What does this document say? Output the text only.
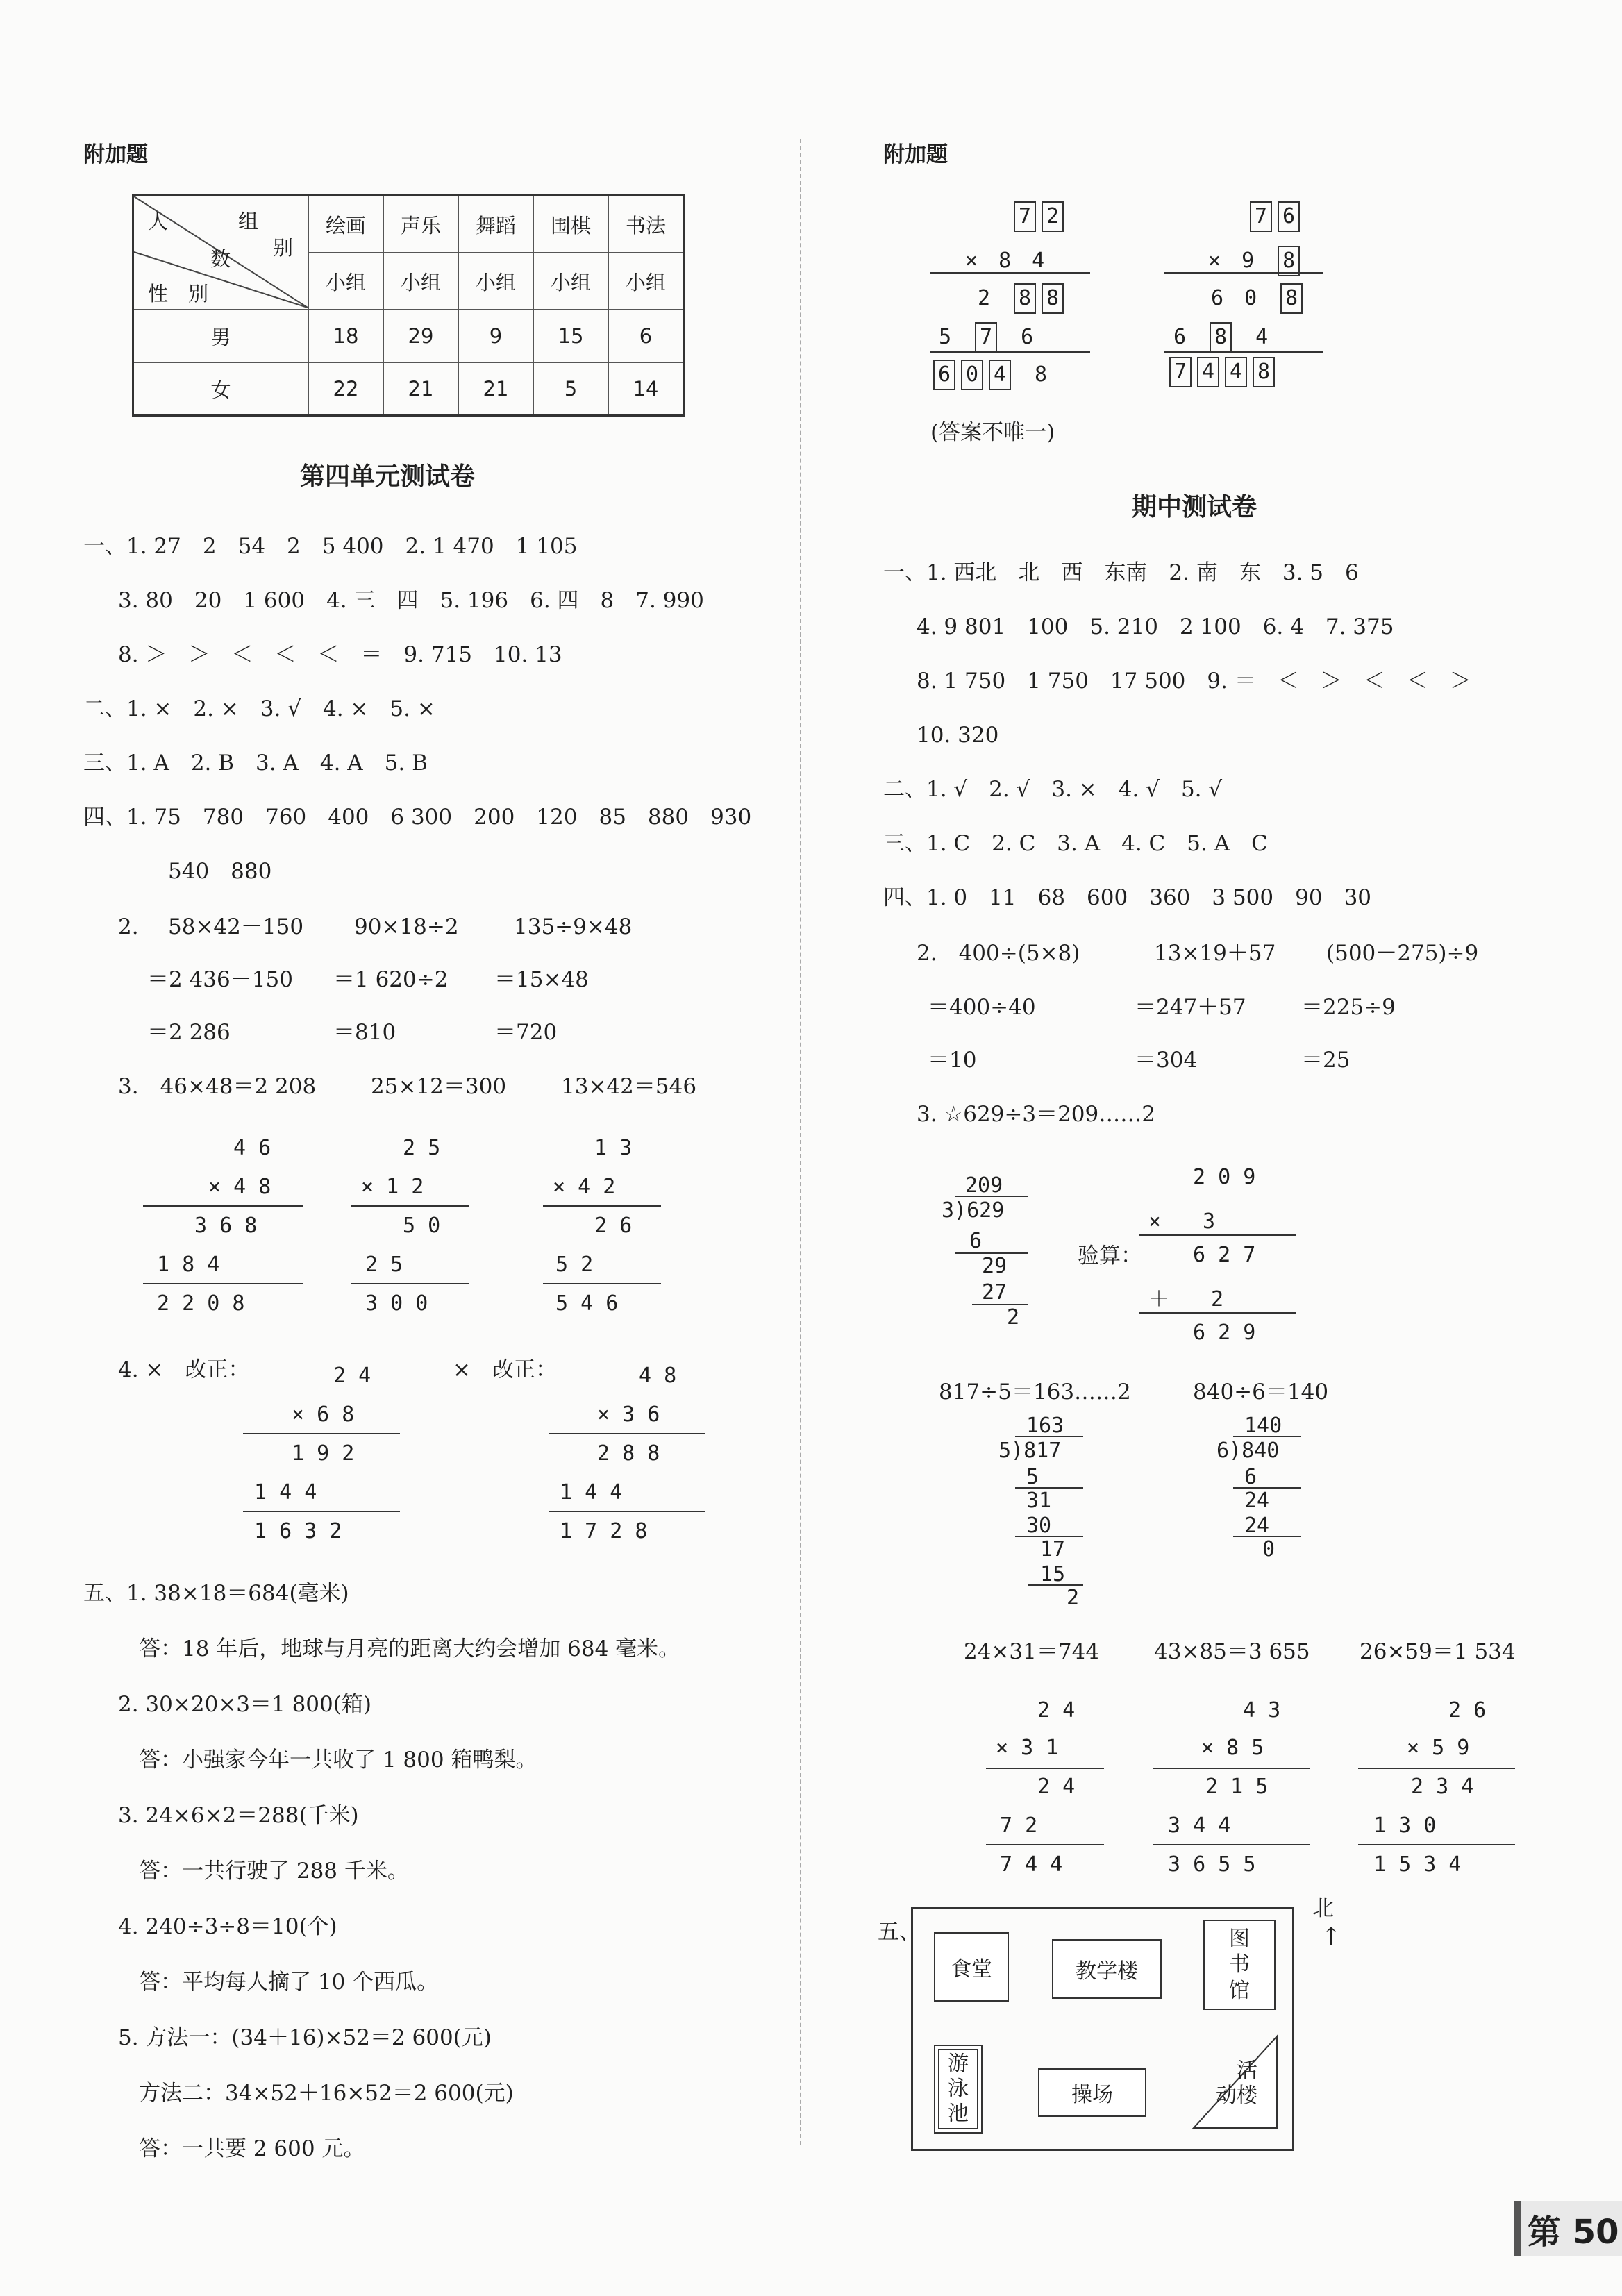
附加题
人 组
别
数
性　别	绘画	声乐	舞蹈	围棋	书法
	小组	小组	小组	小组	小组
男	18	29	9	15	6
女	22	21	21	5	14
第四单元测试卷
一、1. 27　2　54　2　5 400　2. 1 470　1 105
3. 80　20　1 600　4. 三　四　5. 196　6. 四　8　7. 990
8. ＞　＞　＜　＜　＜　＝　9. 715　10. 13
二、1. ×　2. ×　3. √　4. ×　5. ×
三、1. A　2. B　3. A　4. A　5. B
四、1. 75　780　760　400　6 300　200　120　85　880　930
540　880
2. 58×42－150 90×18÷2	135÷9×48
＝2 436－150 ＝1 620÷2 ＝15×48
＝2 286	＝810	＝720
3.　46×48＝2 208	25×12＝300	13×42＝546
4 6
× 4 8
3 6 8
1 8 4
2 2 0 8
2 5
× 1 2
5 0
2 5
3 0 0
1 3
× 4 2
2 6
5 2
5 4 6
4. ×　改正：	×　改正：
2 4
× 6 8
1 9 2
1 4 4
1 6 3 2
4 8
× 3 6
2 8 8
1 4 4
1 7 2 8
五、1. 38×18＝684(毫米)
答：18 年后，地球与月亮的距离大约会增加 684 毫米。
2. 30×20×3＝1 800(箱)
答：小强家今年一共收了 1 800 箱鸭梨。
3. 24×6×2＝288(千米)
答：一共行驶了 288 千米。
4. 240÷3÷8＝10(个)
答：平均每人摘了 10 个西瓜。
5. 方法一：(34＋16)×52＝2 600(元)
方法二：34×52＋16×52＝2 600(元)
答：一共要 2 600 元。
附加题
7 2
×　8　 4
2　 8 8
5　 7　 6
6 0 4　 8
7 6
×　9　 8
6　 0　 8
6　 8　 4
7 4 4 8
(答案不唯一)
期中测试卷
一、1. 西北　北　西　东南　2. 南　东　3. 5　6
4. 9 801　100　5. 210　2 100　6. 4　7. 375
8. 1 750　1 750　17 500　9. ＝　＜　＞　＜　＜　＞
10. 320
二、1. √　2. √　3. ×　4. √　5. √
三、1. C　2. C　3. A　4. C　5. A　C
四、1. 0　11　68　600　360　3 500　90　30
2.　400÷(5×8)	13×19＋57 (500－275)÷9
＝400÷40	＝247＋57	＝225÷9
＝10	＝304	＝25
3. ☆629÷3＝209……2
209
3)629
6
29
27
2
验算：
2 0 9
×　　3
6 2 7
＋　　2
6 2 9
817÷5＝163……2
163
5)817
5
31
30
17
15
2
840÷6＝140
140
6)840
6
24
24
0
24×31＝744	43×85＝3 655 26×59＝1 534
2 4
× 3 1
2 4
7 2
7 4 4
4 3
× 8 5
2 1 5
3 4 4
3 6 5 5
2 6
× 5 9
2 3 4
1 3 0
1 5 3 4
五、
食堂	教学楼
图
书
馆
游
泳
池
操场
活
动楼
北
↑
第 50
